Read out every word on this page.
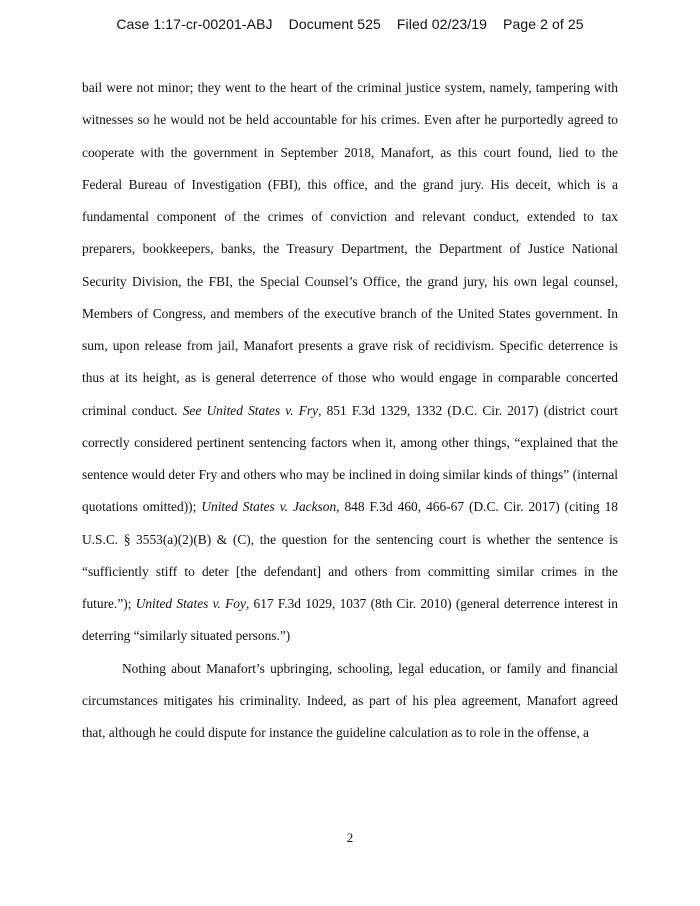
Case 1:17-cr-00201-ABJ Document 525 Filed 02/23/19 Page 2 of 25
bail were not minor; they went to the heart of the criminal justice system, namely, tampering with
witnesses so he would not be held accountable for his crimes. Even after he purportedly agreed to
cooperate with the government in September 2018, Manafort, as this court found, lied to the
Federal Bureau of Investigation (FBI), this office, and the grand jury. His deceit, which is a
fundamental component of the crimes of conviction and relevant conduct, extended to tax
preparers, bookkeepers, banks, the Treasury Department, the Department of Justice National
Security Division, the FBI, the Special Counsel’s Office, the grand jury, his own legal counsel,
Members of Congress, and members of the executive branch of the United States government. In
sum, upon release from jail, Manafort presents a grave risk of recidivism. Specific deterrence is
thus at its height, as is general deterrence of those who would engage in comparable concerted
criminal conduct. See United States v. Fry, 851 F.3d 1329, 1332 (D.C. Cir. 2017) (district court
correctly considered pertinent sentencing factors when it, among other things, “explained that the
sentence would deter Fry and others who may be inclined in doing similar kinds of things” (internal
quotations omitted)); United States v. Jackson, 848 F.3d 460, 466-67 (D.C. Cir. 2017) (citing 18
U.S.C. § 3553(a)(2)(B) & (C), the question for the sentencing court is whether the sentence is
“sufficiently stiff to deter [the defendant] and others from committing similar crimes in the
future.”); United States v. Foy, 617 F.3d 1029, 1037 (8th Cir. 2010) (general deterrence interest in
deterring “similarly situated persons.”)
Nothing about Manafort’s upbringing, schooling, legal education, or family and financial
circumstances mitigates his criminality. Indeed, as part of his plea agreement, Manafort agreed
that, although he could dispute for instance the guideline calculation as to role in the offense, a
2
